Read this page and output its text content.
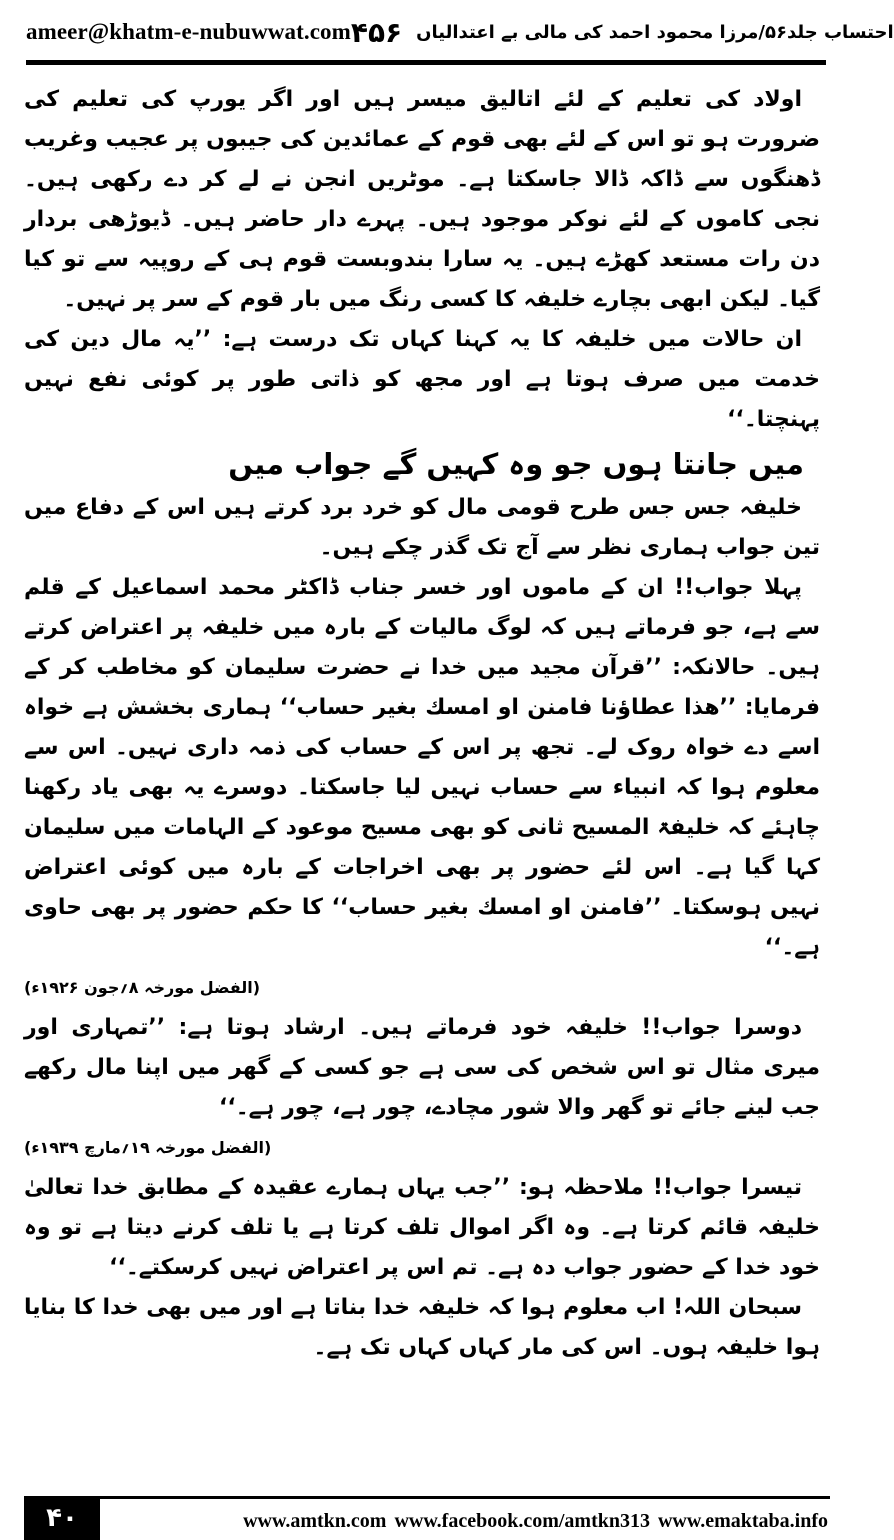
ameer@khatm-e-nubuwwat.com	احتساب جلد۵۶/مرزا محمود احمد کی مالی بے اعتدالیاں
۴۵۶

اولاد کی تعلیم کے لئے اتالیق میسر ہیں اور اگر یورپ کی تعلیم کی ضرورت ہو تو اس کے لئے بھی قوم کے عمائدین کی جیبوں پر عجیب وغریب ڈھنگوں سے ڈاکہ ڈالا جاسکتا ہے۔ موٹریں انجن نے لے کر دے رکھی ہیں۔ نجی کاموں کے لئے نوکر موجود ہیں۔ پہرے دار حاضر ہیں۔ ڈیوڑھی بردار دن رات مستعد کھڑے ہیں۔ یہ سارا بندوبست قوم ہی کے روپیہ سے تو کیا گیا۔ لیکن ابھی بچارے خلیفہ کا کسی رنگ میں بار قوم کے سر پر نہیں۔

ان حالات میں خلیفہ کا یہ کہنا کہاں تک درست ہے: ’’یہ مال دین کی خدمت میں صرف ہوتا ہے اور مجھ کو ذاتی طور پر کوئی نفع نہیں پہنچتا۔‘‘

میں جانتا ہوں جو وہ کہیں گے جواب میں

خلیفہ جس جس طرح قومی مال کو خرد برد کرتے ہیں اس کے دفاع میں تین جواب ہماری نظر سے آج تک گذر چکے ہیں۔

پہلا جواب!! ان کے ماموں اور خسر جناب ڈاکٹر محمد اسماعیل کے قلم سے ہے، جو فرماتے ہیں کہ لوگ مالیات کے بارہ میں خلیفہ پر اعتراض کرتے ہیں۔ حالانکہ: ’’قرآن مجید میں خدا نے حضرت سلیمان کو مخاطب کر کے فرمایا: ’’ھذا عطاؤنا فامنن او امسك بغیر حساب‘‘ ہماری بخشش ہے خواہ اسے دے خواہ روک لے۔ تجھ پر اس کے حساب کی ذمہ داری نہیں۔ اس سے معلوم ہوا کہ انبیاء سے حساب نہیں لیا جاسکتا۔ دوسرے یہ بھی یاد رکھنا چاہئے کہ خلیفۃ المسیح ثانی کو بھی مسیح موعود کے الہامات میں سلیمان کہا گیا ہے۔ اس لئے حضور پر بھی اخراجات کے بارہ میں کوئی اعتراض نہیں ہوسکتا۔ ’’فامنن او امسك بغیر حساب‘‘ کا حکم حضور پر بھی حاوی ہے۔‘‘

(الفضل مورخہ ۸؍جون ۱۹۲۶ء)

دوسرا جواب!! خلیفہ خود فرماتے ہیں۔ ارشاد ہوتا ہے: ’’تمہاری اور میری مثال تو اس شخص کی سی ہے جو کسی کے گھر میں اپنا مال رکھے جب لینے جائے تو گھر والا شور مچادے، چور ہے، چور ہے۔‘‘

(الفضل مورخہ ۱۹؍مارچ ۱۹۳۹ء)

تیسرا جواب!! ملاحظہ ہو: ’’جب یہاں ہمارے عقیدہ کے مطابق خدا تعالیٰ خلیفہ قائم کرتا ہے۔ وہ اگر اموال تلف کرتا ہے یا تلف کرنے دیتا ہے تو وہ خود خدا کے حضور جواب دہ ہے۔ تم اس پر اعتراض نہیں کرسکتے۔‘‘

سبحان اللہ! اب معلوم ہوا کہ خلیفہ خدا بناتا ہے اور میں بھی خدا کا بنایا ہوا خلیفہ ہوں۔ اس کی مار کہاں کہاں تک ہے۔

۴۰	www.amtkn.com www.facebook.com/amtkn313 www.emaktaba.info
